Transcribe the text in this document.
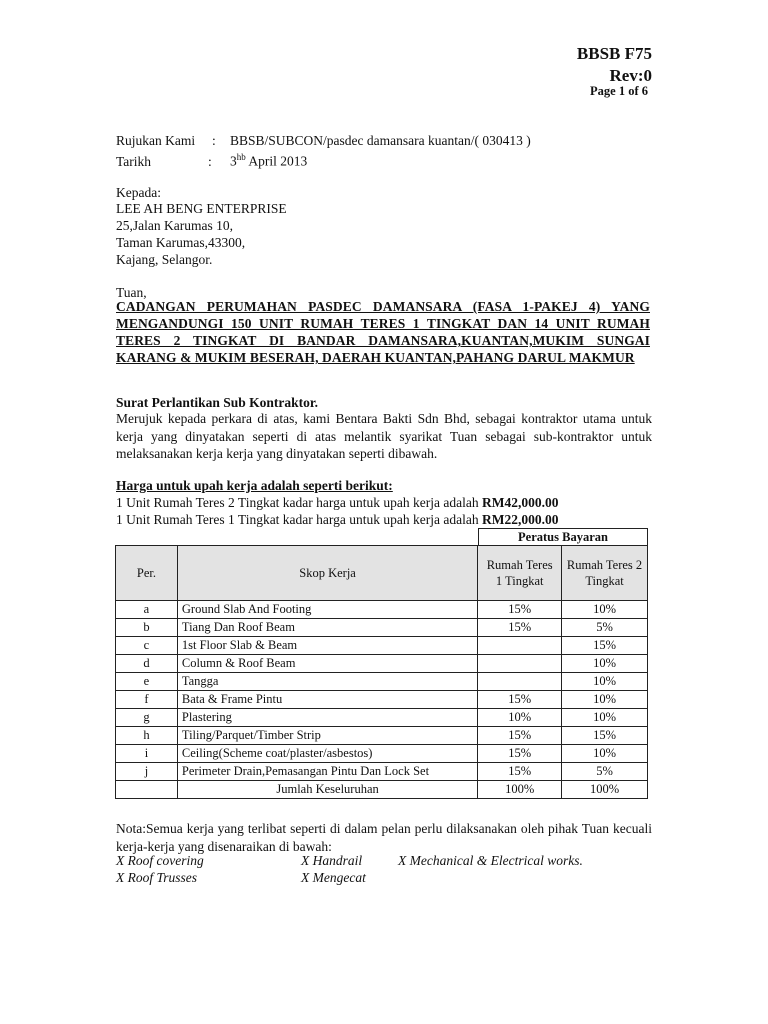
BBSB F75
Rev:0
Page 1 of 6
Rujukan Kami : BBSB/SUBCON/pasdec damansara kuantan/( 030413 )
Tarikh	: $3^{hb}$ April 2013
Kepada:
LEE AH BENG ENTERPRISE
25,Jalan Karumas 10,
Taman Karumas,43300,
Kajang, Selangor.
Tuan,
CADANGAN PERUMAHAN PASDEC DAMANSARA (FASA 1-PAKEJ 4) YANG MENGANDUNGI 150 UNIT RUMAH TERES 1 TINGKAT DAN 14 UNIT RUMAH TERES 2 TINGKAT DI BANDAR DAMANSARA,KUANTAN,MUKIM SUNGAI KARANG & MUKIM BESERAH, DAERAH KUANTAN,PAHANG DARUL MAKMUR
Surat Perlantikan Sub Kontraktor.
Merujuk kepada perkara di atas, kami Bentara Bakti Sdn Bhd, sebagai kontraktor utama untuk kerja yang dinyatakan seperti di atas melantik syarikat Tuan sebagai sub-kontraktor untuk melaksanakan kerja kerja yang dinyatakan seperti dibawah.
Harga untuk upah kerja adalah seperti berikut:
1 Unit Rumah Teres 2 Tingkat kadar harga untuk upah kerja adalah RM42,000.00
1 Unit Rumah Teres 1 Tingkat kadar harga untuk upah kerja adalah RM22,000.00
Peratus Bayaran
Per.	Skop Kerja	Rumah Teres 1 Tingkat	Rumah Teres 2 Tingkat
a	Ground Slab And Footing	15%	10%
b	Tiang Dan Roof Beam	15%	5%
c	1st Floor Slab & Beam		15%
d	Column & Roof Beam		10%
e	Tangga		10%
f	Bata & Frame Pintu	15%	10%
g	Plastering	10%	10%
h	Tiling/Parquet/Timber Strip	15%	15%
i	Ceiling(Scheme coat/plaster/asbestos)	15%	10%
j	Perimeter Drain,Pemasangan Pintu Dan Lock Set	15%	5%
	Jumlah Keseluruhan	100%	100%
Nota:Semua kerja yang terlibat seperti di dalam pelan perlu dilaksanakan oleh pihak Tuan kecuali kerja-kerja yang disenaraikan di bawah:
X Roof covering	X Handrail	X Mechanical & Electrical works.
X Roof Trusses	X Mengecat
